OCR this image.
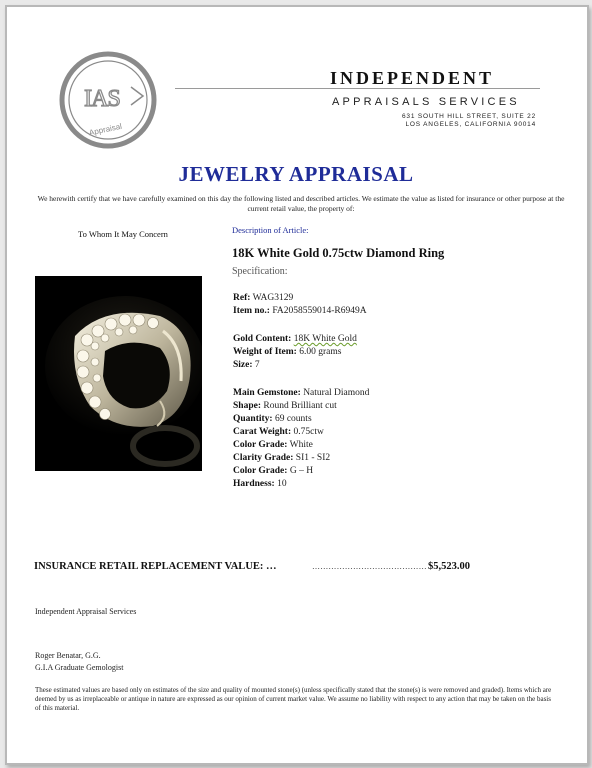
IAS
Appraisal
INDEPENDENT
APPRAISALS SERVICES
631 SOUTH HILL STREET, SUITE 22
LOS ANGELES, CALIFORNIA 90014
JEWELRY APPRAISAL
We herewith certify that we have carefully examined on this day the following listed and described articles. We estimate the value as listed for insurance or other purpose at the current retail value, the property of:
To Whom It May Concern	Description of Article:
18K White Gold 0.75ctw Diamond Ring
Specification:
Ref: WAG3129
Item no.: FA2058559014-R6949A
Gold Content: 18K White Gold
Weight of Item: 6.00 grams
Size: 7
Main Gemstone: Natural Diamond
Shape: Round Brilliant cut
Quantity: 69 counts
Carat Weight: 0.75ctw
Color Grade: White
Clarity Grade: SI1 - SI2
Color Grade: G – H
Hardness: 10
INSURANCE RETAIL REPLACEMENT VALUE: …	…………………………………… $5,523.00
Independent Appraisal Services
Roger Benatar, G.G.
G.I.A Graduate Gemologist
These estimated values are based only on estimates of the size and quality of mounted stone(s) (unless specifically stated that the stone(s) is were removed and graded). Items which are deemed by us as irreplaceable or antique in nature are expressed as our opinion of current market value. We assume no liability with respect to any action that may be taken on the basis of this material.
